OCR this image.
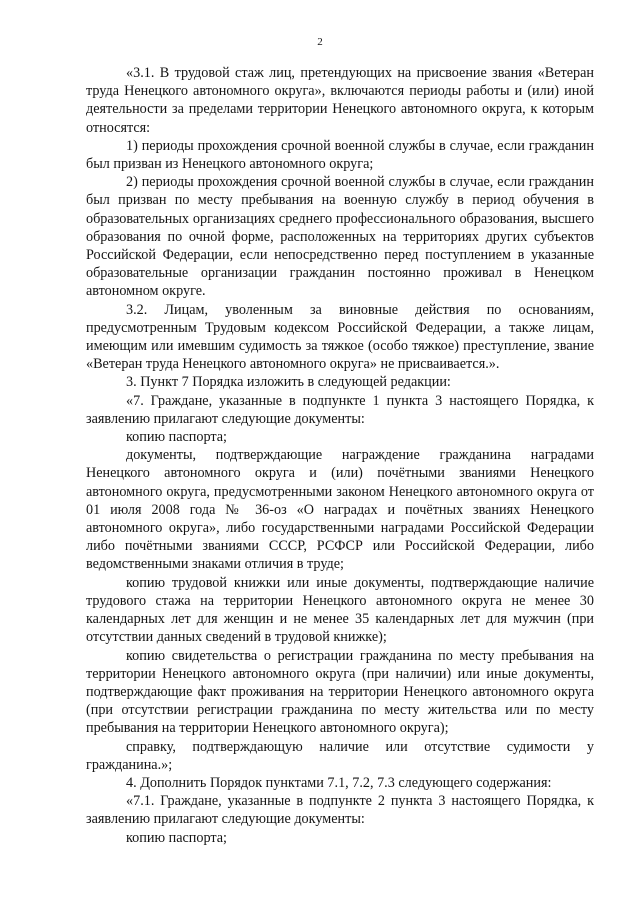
2

«3.1. В трудовой стаж лиц, претендующих на присвоение звания «Ветеран труда Ненецкого автономного округа», включаются периоды работы и (или) иной деятельности за пределами территории Ненецкого автономного округа, к которым относятся:

1) периоды прохождения срочной военной службы в случае, если гражданин был призван из Ненецкого автономного округа;

2) периоды прохождения срочной военной службы в случае, если гражданин был призван по месту пребывания на военную службу в период обучения в образовательных организациях среднего профессионального образования, высшего образования по очной форме, расположенных на территориях других субъектов Российской Федерации, если непосредственно перед поступлением в указанные образовательные организации гражданин постоянно проживал в Ненецком автономном округе.

3.2. Лицам, уволенным за виновные действия по основаниям, предусмотренным Трудовым кодексом Российской Федерации, а также лицам, имеющим или имевшим судимость за тяжкое (особо тяжкое) преступление, звание «Ветеран труда Ненецкого автономного округа» не присваивается.».

3. Пункт 7 Порядка изложить в следующей редакции:

«7. Граждане, указанные в подпункте 1 пункта 3 настоящего Порядка, к заявлению прилагают следующие документы:

копию паспорта;

документы, подтверждающие награждение гражданина наградами Ненецкого автономного округа и (или) почётными званиями Ненецкого автономного округа, предусмотренными законом Ненецкого автономного округа от 01 июля 2008 года № 36-оз «О наградах и почётных званиях Ненецкого автономного округа», либо государственными наградами Российской Федерации либо почётными званиями СССР, РСФСР или Российской Федерации, либо ведомственными знаками отличия в труде;

копию трудовой книжки или иные документы, подтверждающие наличие трудового стажа на территории Ненецкого автономного округа не менее 30 календарных лет для женщин и не менее 35 календарных лет для мужчин (при отсутствии данных сведений в трудовой книжке);

копию свидетельства о регистрации гражданина по месту пребывания на территории Ненецкого автономного округа (при наличии) или иные документы, подтверждающие факт проживания на территории Ненецкого автономного округа (при отсутствии регистрации гражданина по месту жительства или по месту пребывания на территории Ненецкого автономного округа);

справку, подтверждающую наличие или отсутствие судимости у гражданина.»;

4. Дополнить Порядок пунктами 7.1, 7.2, 7.3 следующего содержания:

«7.1. Граждане, указанные в подпункте 2 пункта 3 настоящего Порядка, к заявлению прилагают следующие документы:

копию паспорта;
